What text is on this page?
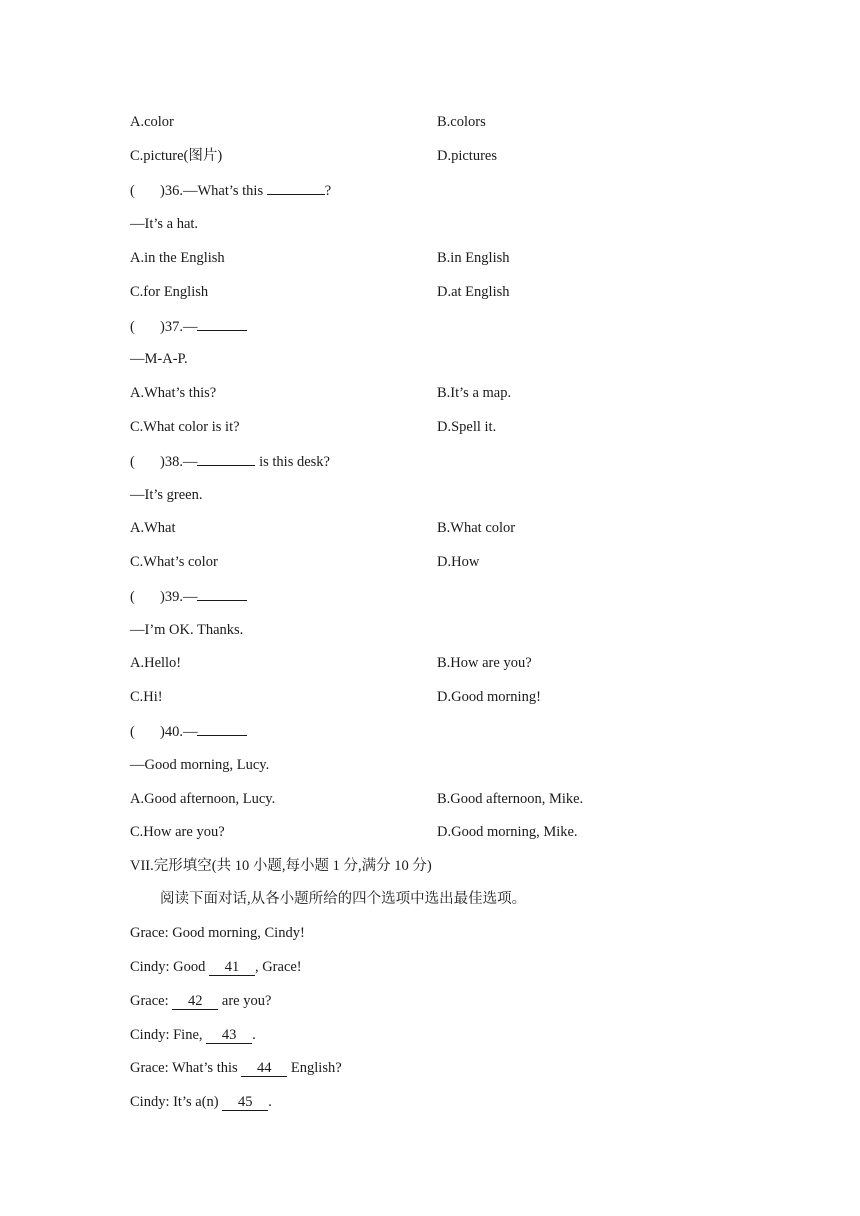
A.color	B.colors
C.picture(图片)	D.pictures
( )36.—What’s this	?
—It’s a hat.
A.in the English	B.in English
C.for English	D.at English
( )37.—
—M-A-P.
A.What’s this?	B.It’s a map.
C.What color is it?	D.Spell it.
( )38.—	is this desk?
—It’s green.
A.What	B.What color
C.What’s color	D.How
( )39.—
—I’m OK. Thanks.
A.Hello!	B.How are you?
C.Hi!	D.Good morning!
( )40.—
—Good morning, Lucy.
A.Good afternoon, Lucy.	B.Good afternoon, Mike.
C.How are you?	D.Good morning, Mike.
VII.完形填空(共 10 小题,每小题 1 分,满分 10 分)
阅读下面对话,从各小题所给的四个选项中选出最佳选项。
Grace: Good morning, Cindy!
Cindy: Good 41 , Grace!
Grace: 42 are you?
Cindy: Fine, 43 .
Grace: What’s this 44 English?
Cindy: It’s a(n) 45 .
